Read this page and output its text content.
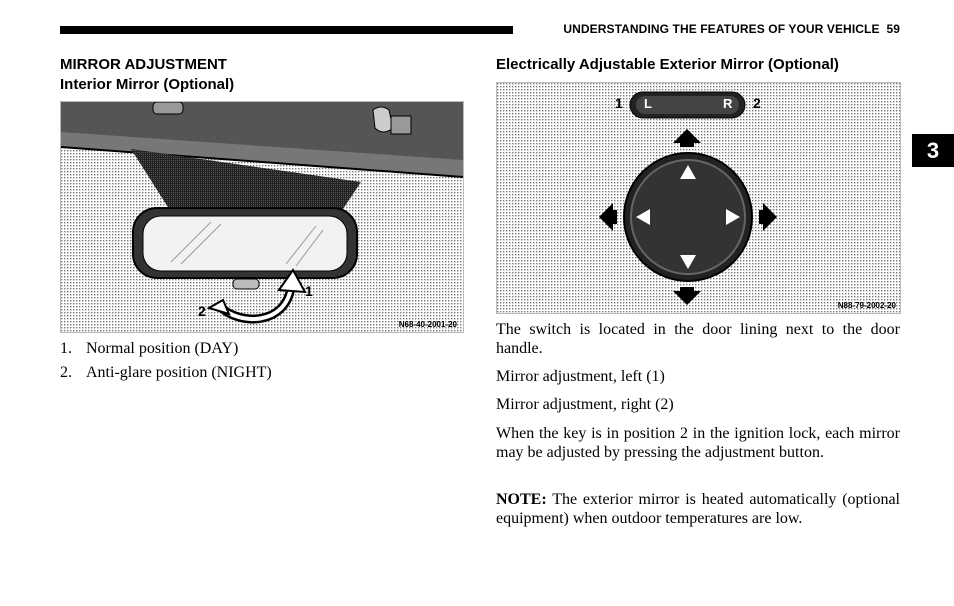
UNDERSTANDING THE FEATURES OF YOUR VEHICLE 59
3
MIRROR ADJUSTMENT
Interior Mirror (Optional)
1
2
N68-40-2001-20
1. Normal position (DAY)
2. Anti-glare position (NIGHT)
Electrically Adjustable Exterior Mirror (Optional)
1	2
L	R
N88-79-2002-20

The switch is located in the door lining next to the door handle.

Mirror adjustment, left (1)

Mirror adjustment, right (2)

When the key is in position 2 in the ignition lock, each mirror may be adjusted by pressing the adjustment button.

NOTE: The exterior mirror is heated automatically (optional equipment) when outdoor temperatures are low.
